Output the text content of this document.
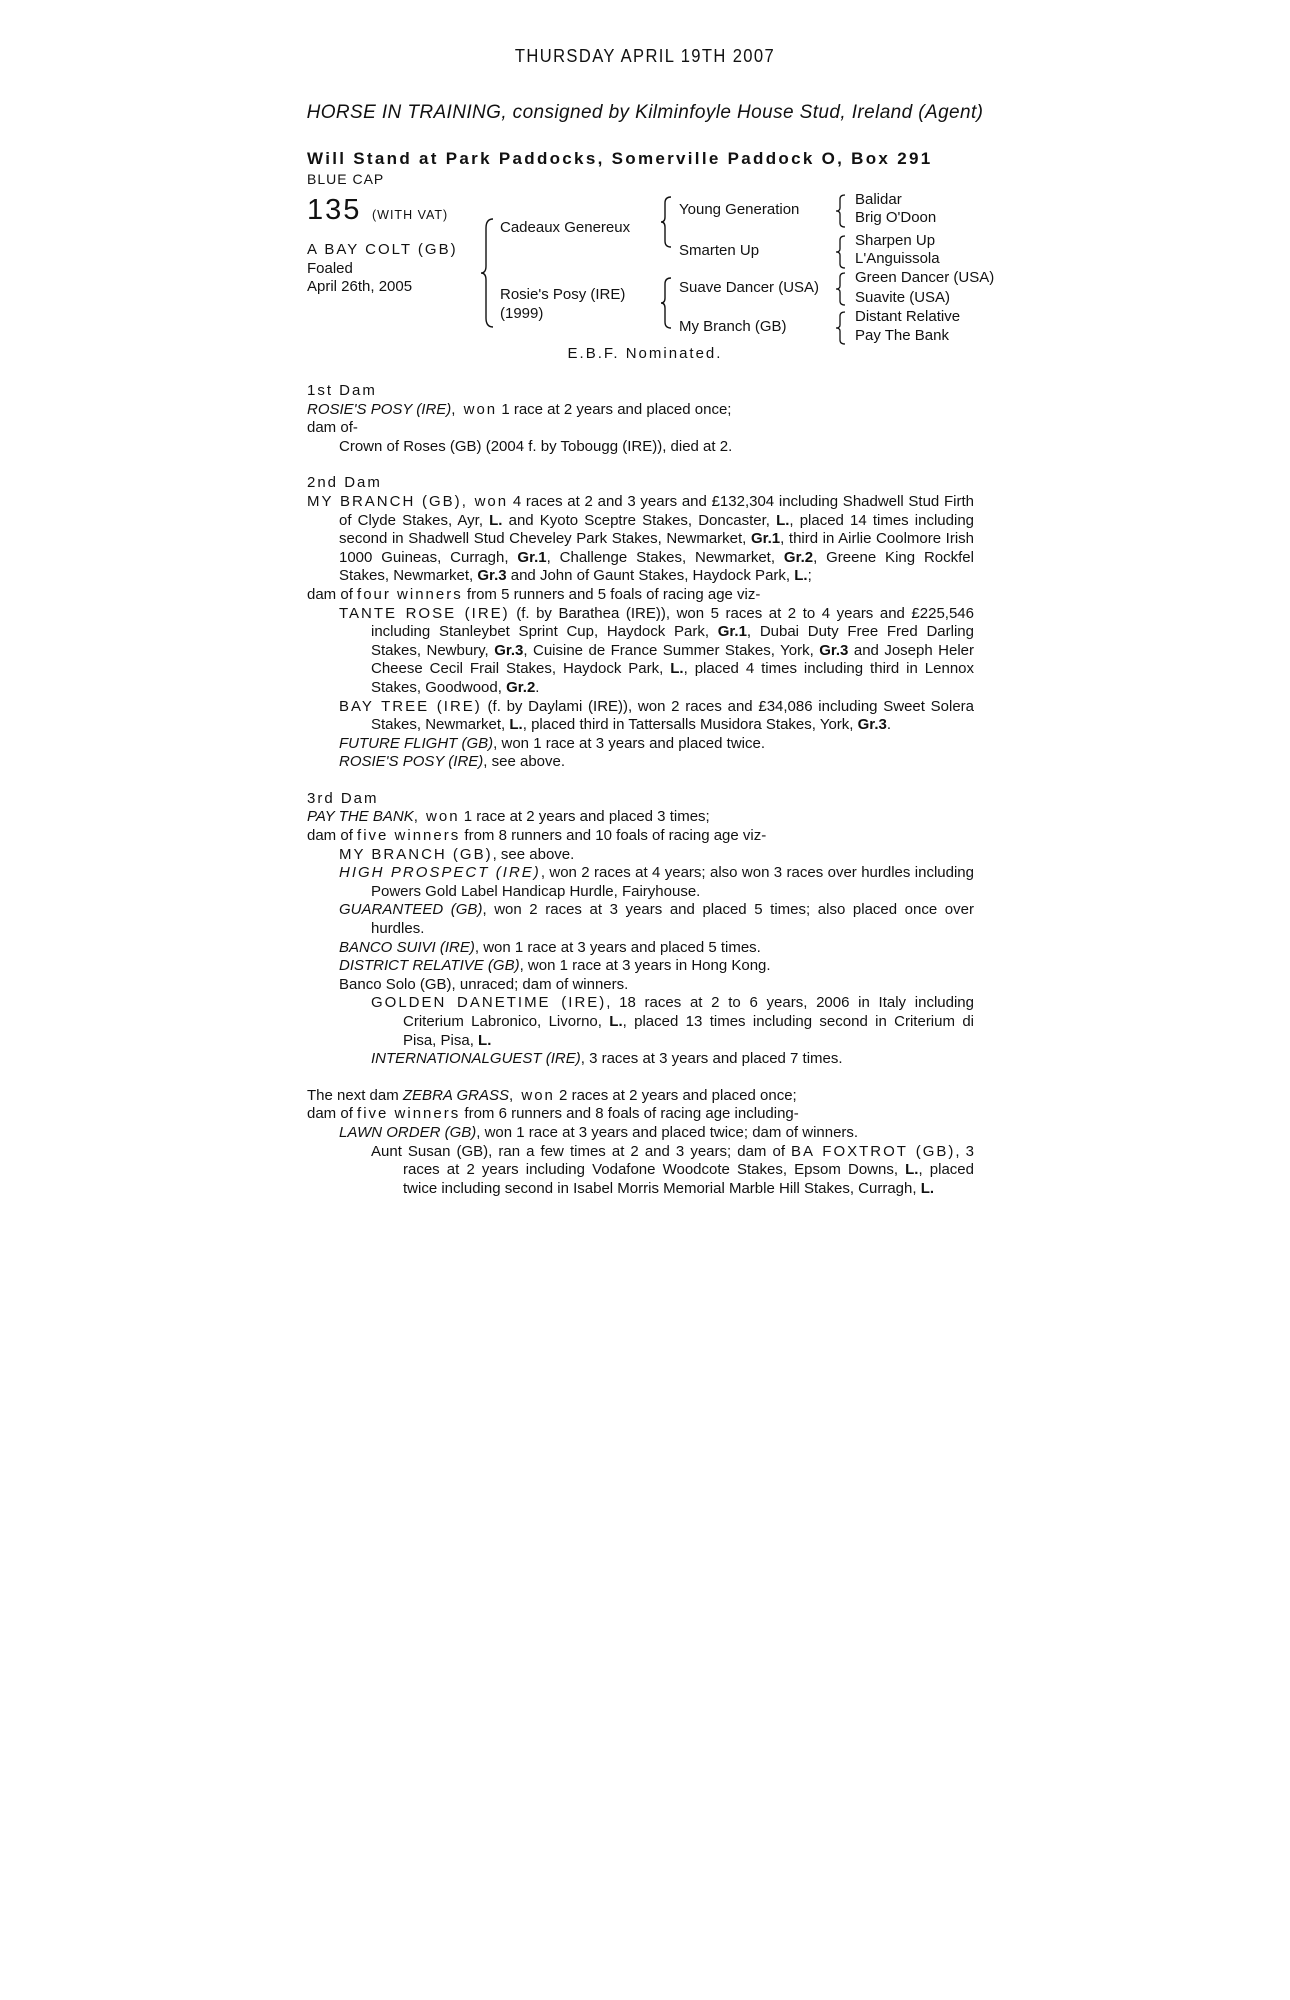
THURSDAY APRIL 19TH 2007
HORSE IN TRAINING, consigned by Kilminfoyle House Stud, Ireland (Agent)
Will Stand at Park Paddocks, Somerville Paddock O, Box 291
BLUE CAP
135 (WITH VAT)
A BAY COLT (GB)
Foaled
April 26th, 2005
Cadeaux Genereux
Rosie's Posy (IRE)
(1999)
Young Generation
Smarten Up
Suave Dancer (USA)
My Branch (GB)
Balidar
Brig O'Doon
Sharpen Up
L'Anguissola
Green Dancer (USA)
Suavite (USA)
Distant Relative
Pay The Bank
E.B.F. Nominated.

1st Dam

ROSIE'S POSY (IRE), won 1 race at 2 years and placed once;

dam of-

Crown of Roses (GB) (2004 f. by Tobougg (IRE)), died at 2.

2nd Dam

MY BRANCH (GB), won 4 races at 2 and 3 years and £132,304 including Shadwell Stud Firth of Clyde Stakes, Ayr, L. and Kyoto Sceptre Stakes, Doncaster, L., placed 14 times including second in Shadwell Stud Cheveley Park Stakes, Newmarket, Gr.1, third in Airlie Coolmore Irish 1000 Guineas, Curragh, Gr.1, Challenge Stakes, Newmarket, Gr.2, Greene King Rockfel Stakes, Newmarket, Gr.3 and John of Gaunt Stakes, Haydock Park, L.;

dam of four winners from 5 runners and 5 foals of racing age viz-

TANTE ROSE (IRE) (f. by Barathea (IRE)), won 5 races at 2 to 4 years and £225,546 including Stanleybet Sprint Cup, Haydock Park, Gr.1, Dubai Duty Free Fred Darling Stakes, Newbury, Gr.3, Cuisine de France Summer Stakes, York, Gr.3 and Joseph Heler Cheese Cecil Frail Stakes, Haydock Park, L., placed 4 times including third in Lennox Stakes, Goodwood, Gr.2.

BAY TREE (IRE) (f. by Daylami (IRE)), won 2 races and £34,086 including Sweet Solera Stakes, Newmarket, L., placed third in Tattersalls Musidora Stakes, York, Gr.3.

FUTURE FLIGHT (GB), won 1 race at 3 years and placed twice.

ROSIE'S POSY (IRE), see above.

3rd Dam

PAY THE BANK, won 1 race at 2 years and placed 3 times;

dam of five winners from 8 runners and 10 foals of racing age viz-

MY BRANCH (GB), see above.

HIGH PROSPECT (IRE), won 2 races at 4 years; also won 3 races over hurdles including Powers Gold Label Handicap Hurdle, Fairyhouse.

GUARANTEED (GB), won 2 races at 3 years and placed 5 times; also placed once over hurdles.

BANCO SUIVI (IRE), won 1 race at 3 years and placed 5 times.

DISTRICT RELATIVE (GB), won 1 race at 3 years in Hong Kong.

Banco Solo (GB), unraced; dam of winners.

GOLDEN DANETIME (IRE), 18 races at 2 to 6 years, 2006 in Italy including Criterium Labronico, Livorno, L., placed 13 times including second in Criterium di Pisa, Pisa, L.

INTERNATIONALGUEST (IRE), 3 races at 3 years and placed 7 times.

The next dam ZEBRA GRASS, won 2 races at 2 years and placed once;

dam of five winners from 6 runners and 8 foals of racing age including-

LAWN ORDER (GB), won 1 race at 3 years and placed twice; dam of winners.

Aunt Susan (GB), ran a few times at 2 and 3 years; dam of BA FOXTROT (GB), 3 races at 2 years including Vodafone Woodcote Stakes, Epsom Downs, L., placed twice including second in Isabel Morris Memorial Marble Hill Stakes, Curragh, L.
